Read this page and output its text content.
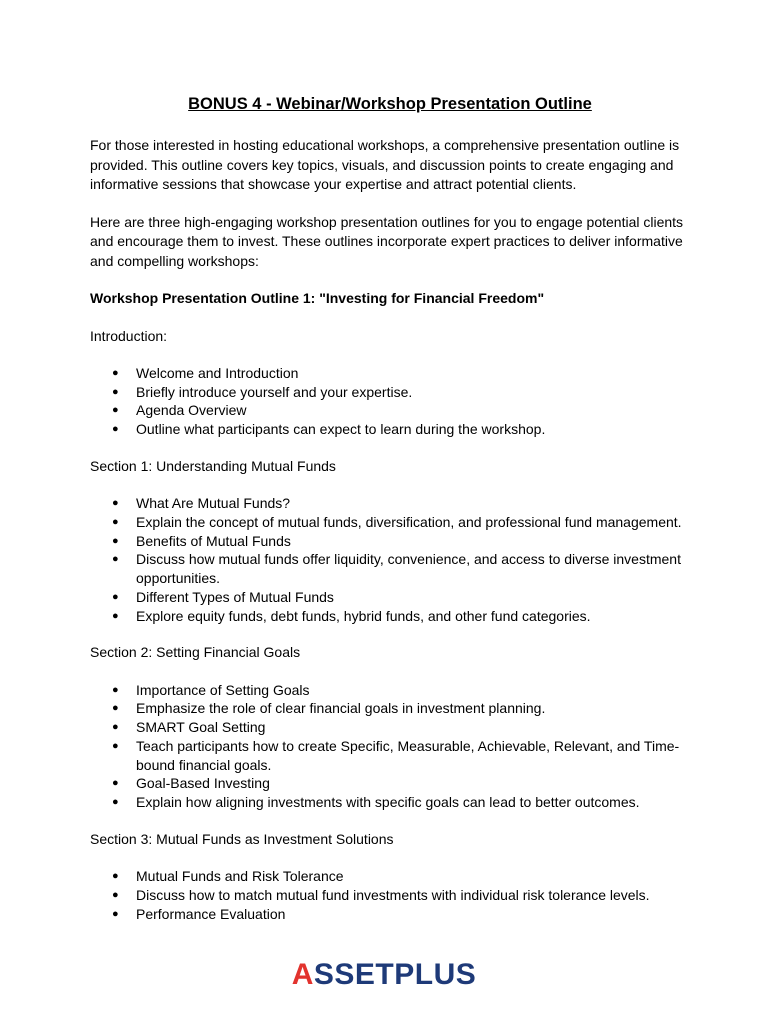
BONUS 4 - Webinar/Workshop Presentation Outline

For those interested in hosting educational workshops, a comprehensive presentation outline is provided. This outline covers key topics, visuals, and discussion points to create engaging and informative sessions that showcase your expertise and attract potential clients.

Here are three high-engaging workshop presentation outlines for you to engage potential clients and encourage them to invest. These outlines incorporate expert practices to deliver informative and compelling workshops:

Workshop Presentation Outline 1: "Investing for Financial Freedom"

Introduction:

● Welcome and Introduction
● Briefly introduce yourself and your expertise.
● Agenda Overview
● Outline what participants can expect to learn during the workshop.

Section 1: Understanding Mutual Funds

● What Are Mutual Funds?
● Explain the concept of mutual funds, diversification, and professional fund management.
● Benefits of Mutual Funds
● Discuss how mutual funds offer liquidity, convenience, and access to diverse investment opportunities.
● Different Types of Mutual Funds
● Explore equity funds, debt funds, hybrid funds, and other fund categories.

Section 2: Setting Financial Goals

● Importance of Setting Goals
● Emphasize the role of clear financial goals in investment planning.
● SMART Goal Setting
● Teach participants how to create Specific, Measurable, Achievable, Relevant, and Time-bound financial goals.
● Goal-Based Investing
● Explain how aligning investments with specific goals can lead to better outcomes.

Section 3: Mutual Funds as Investment Solutions

● Mutual Funds and Risk Tolerance
● Discuss how to match mutual fund investments with individual risk tolerance levels.
● Performance Evaluation
ASSETPLUS
